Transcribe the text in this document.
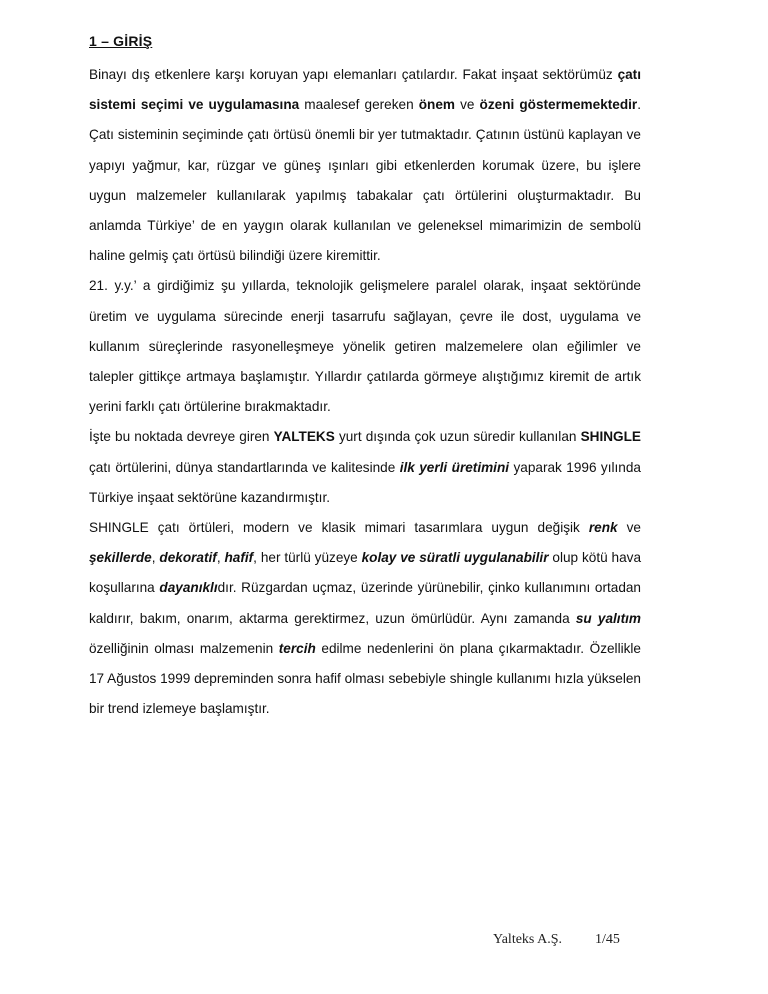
1 – GİRİŞ

Binayı dış etkenlere karşı koruyan yapı elemanları çatılardır. Fakat inşaat sektörümüz çatı sistemi seçimi ve uygulamasına maalesef gereken önem ve özeni göstermemektedir. Çatı sisteminin seçiminde çatı örtüsü önemli bir yer tutmaktadır. Çatının üstünü kaplayan ve yapıyı yağmur, kar, rüzgar ve güneş ışınları gibi etkenlerden korumak üzere, bu işlere uygun malzemeler kullanılarak yapılmış tabakalar çatı örtülerini oluşturmaktadır. Bu anlamda Türkiye’ de en yaygın olarak kullanılan ve geleneksel mimarimizin de sembolü haline gelmiş çatı örtüsü bilindiği üzere kiremittir.

21. y.y.’ a girdiğimiz şu yıllarda, teknolojik gelişmelere paralel olarak, inşaat sektöründe üretim ve uygulama sürecinde enerji tasarrufu sağlayan, çevre ile dost, uygulama ve kullanım süreçlerinde rasyonelleşmeye yönelik getiren malzemelere olan eğilimler ve talepler gittikçe artmaya başlamıştır. Yıllardır çatılarda görmeye alıştığımız kiremit de artık yerini farklı çatı örtülerine bırakmaktadır.

İşte bu noktada devreye giren YALTEKS yurt dışında çok uzun süredir kullanılan SHINGLE çatı örtülerini, dünya standartlarında ve kalitesinde ilk yerli üretimini yaparak 1996 yılında Türkiye inşaat sektörüne kazandırmıştır.

SHINGLE çatı örtüleri, modern ve klasik mimari tasarımlara uygun değişik renk ve şekillerde, dekoratif, hafif, her türlü yüzeye kolay ve süratli uygulanabilir olup kötü hava koşullarına dayanıklıdır. Rüzgardan uçmaz, üzerinde yürünebilir, çinko kullanımını ortadan kaldırır, bakım, onarım, aktarma gerektirmez, uzun ömürlüdür. Aynı zamanda su yalıtım özelliğinin olması malzemenin tercih edilme nedenlerini ön plana çıkarmaktadır. Özellikle 17 Ağustos 1999 depreminden sonra hafif olması sebebiyle shingle kullanımı hızla yükselen bir trend izlemeye başlamıştır.

Yalteks A.Ş. 1/45
